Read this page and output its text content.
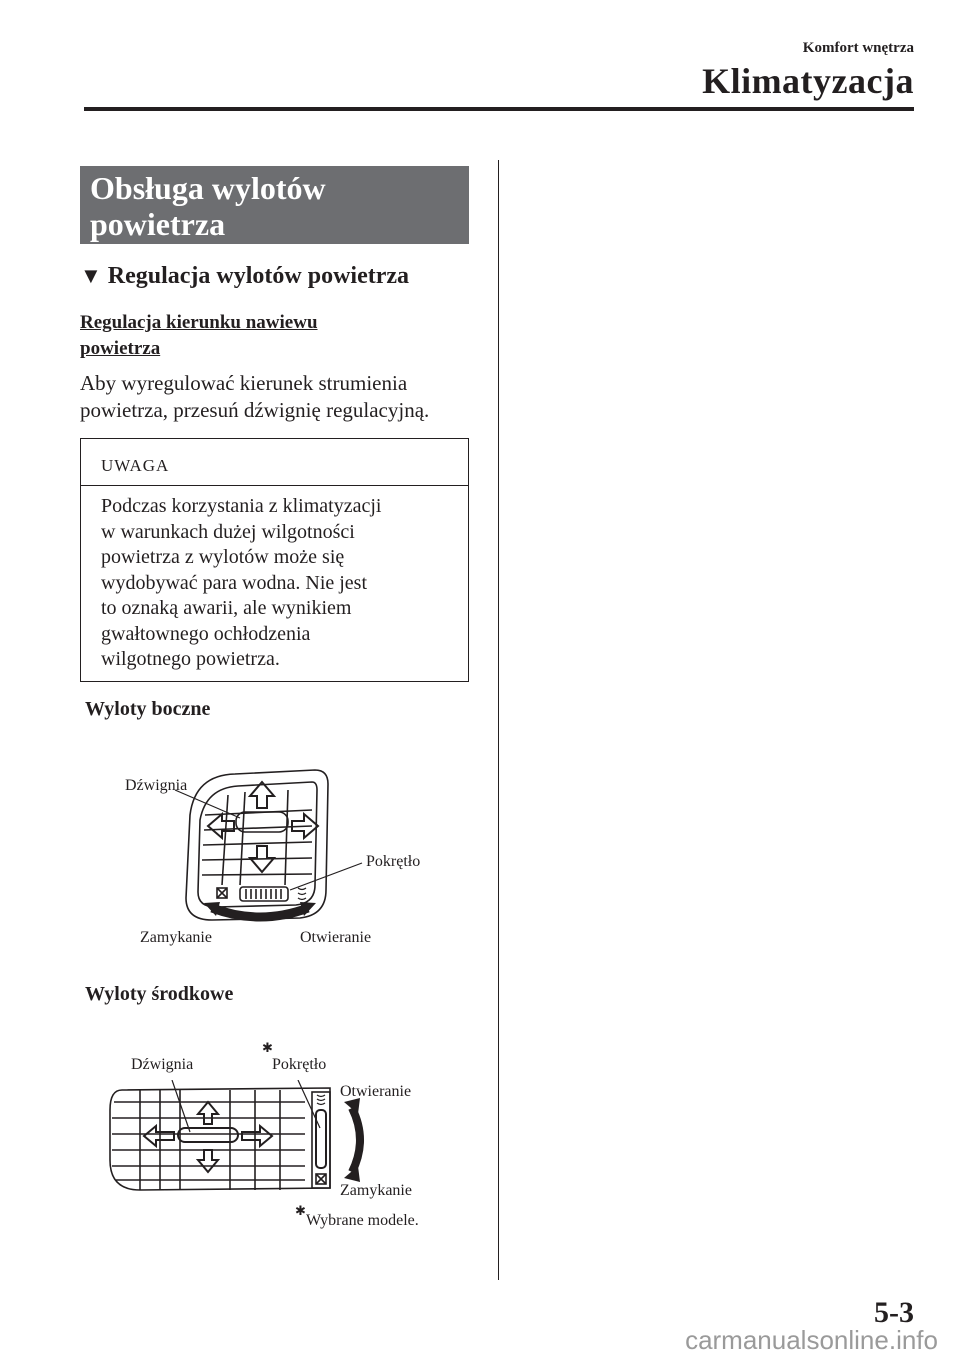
Komfort wnętrza
Klimatyzacja
Obsługa wylotów
powietrza
▼ Regulacja wylotów powietrza
Regulacja kierunku nawiewu
powietrza
Aby wyregulować kierunek strumienia
powietrza, przesuń dźwignię regulacyjną.
UWAGA
Podczas korzystania z klimatyzacji
w warunkach dużej wilgotności
powietrza z wylotów może się
wydobywać para wodna. Nie jest
to oznaką awarii, ale wynikiem
gwałtownego ochłodzenia
wilgotnego powietrza.
Wyloty boczne
Dźwignia
Pokrętło
Zamykanie	Otwieranie
Wyloty środkowe
Dźwignia
✱
Pokrętło
Otwieranie
Zamykanie
✱
Wybrane modele.
5-3
carmanualsonline.info
